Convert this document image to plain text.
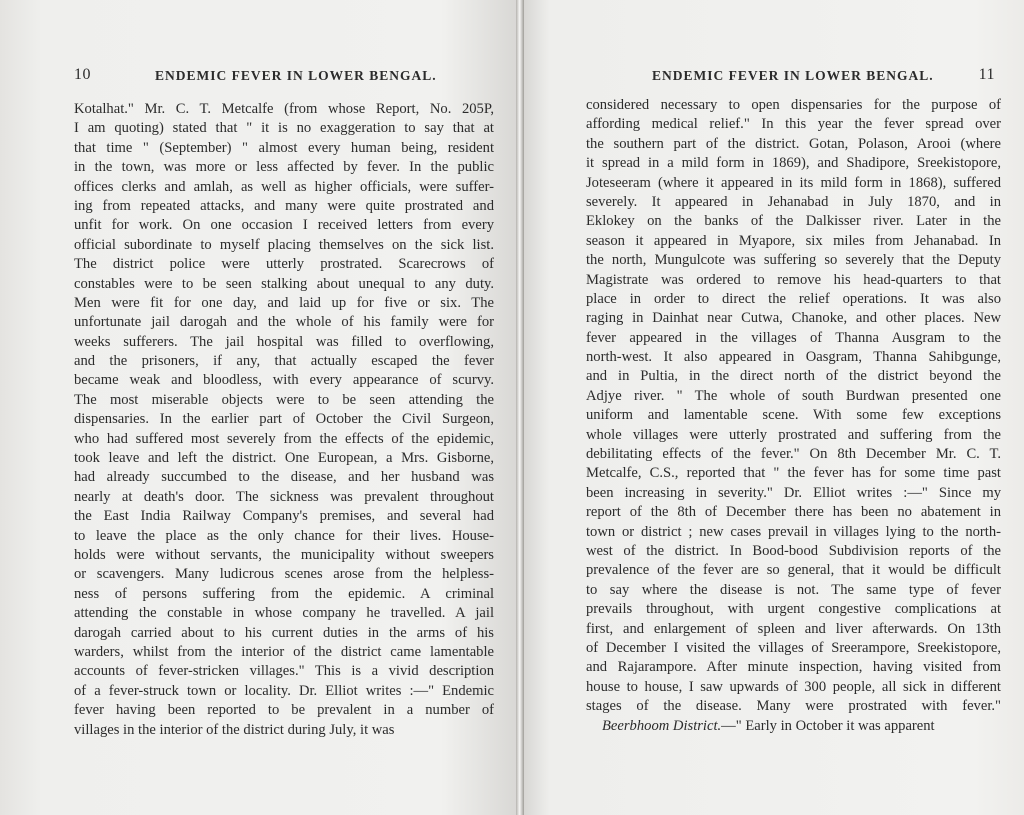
10	ENDEMIC FEVER IN LOWER BENGAL.
Kotalhat." Mr. C. T. Metcalfe (from whose Report, No. 205P,
I am quoting) stated that " it is no exaggeration to say that at
that time " (September) " almost every human being, resident
in the town, was more or less affected by fever. In the public
offices clerks and amlah, as well as higher officials, were suffer-
ing from repeated attacks, and many were quite prostrated and
unfit for work. On one occasion I received letters from every
official subordinate to myself placing themselves on the sick list.
The district police were utterly prostrated. Scarecrows of
constables were to be seen stalking about unequal to any duty.
Men were fit for one day, and laid up for five or six. The
unfortunate jail darogah and the whole of his family were for
weeks sufferers. The jail hospital was filled to overflowing,
and the prisoners, if any, that actually escaped the fever
became weak and bloodless, with every appearance of scurvy.
The most miserable objects were to be seen attending the
dispensaries. In the earlier part of October the Civil Surgeon,
who had suffered most severely from the effects of the epidemic,
took leave and left the district. One European, a Mrs. Gisborne,
had already succumbed to the disease, and her husband was
nearly at death's door. The sickness was prevalent throughout
the East India Railway Company's premises, and several had
to leave the place as the only chance for their lives. House-
holds were without servants, the municipality without sweepers
or scavengers. Many ludicrous scenes arose from the helpless-
ness of persons suffering from the epidemic. A criminal
attending the constable in whose company he travelled. A jail
darogah carried about to his current duties in the arms of his
warders, whilst from the interior of the district came lamentable
accounts of fever-stricken villages." This is a vivid description
of a fever-struck town or locality. Dr. Elliot writes :—" Endemic
fever having been reported to be prevalent in a number of
villages in the interior of the district during July, it was
ENDEMIC FEVER IN LOWER BENGAL.	11
considered necessary to open dispensaries for the purpose of
affording medical relief." In this year the fever spread over
the southern part of the district. Gotan, Polason, Arooi (where
it spread in a mild form in 1869), and Shadipore, Sreekistopore,
Joteseeram (where it appeared in its mild form in 1868), suffered
severely. It appeared in Jehanabad in July 1870, and in
Eklokey on the banks of the Dalkisser river. Later in the
season it appeared in Myapore, six miles from Jehanabad. In
the north, Mungulcote was suffering so severely that the Deputy
Magistrate was ordered to remove his head-quarters to that
place in order to direct the relief operations. It was also
raging in Dainhat near Cutwa, Chanoke, and other places. New
fever appeared in the villages of Thanna Ausgram to the
north-west. It also appeared in Oasgram, Thanna Sahibgunge,
and in Pultia, in the direct north of the district beyond the
Adjye river. " The whole of south Burdwan presented one
uniform and lamentable scene. With some few exceptions
whole villages were utterly prostrated and suffering from the
debilitating effects of the fever." On 8th December Mr. C. T.
Metcalfe, C.S., reported that " the fever has for some time past
been increasing in severity." Dr. Elliot writes :—" Since my
report of the 8th of December there has been no abatement in
town or district ; new cases prevail in villages lying to the north-
west of the district. In Bood-bood Subdivision reports of the
prevalence of the fever are so general, that it would be difficult
to say where the disease is not. The same type of fever
prevails throughout, with urgent congestive complications at
first, and enlargement of spleen and liver afterwards. On 13th
of December I visited the villages of Sreerampore, Sreekistopore,
and Rajarampore. After minute inspection, having visited from
house to house, I saw upwards of 300 people, all sick in different
stages of the disease. Many were prostrated with fever."
Beerbhoom District.—" Early in October it was apparent
